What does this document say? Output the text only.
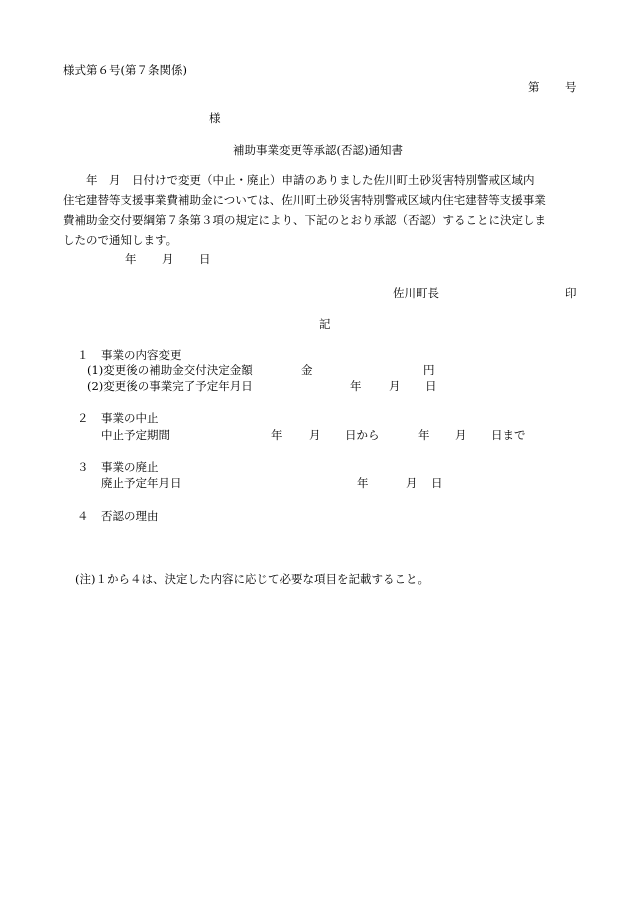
様式第６号(第７条関係)
第 号
様
補助事業変更等承認(否認)通知書
　　年　月　日付けで変更（中止・廃止）申請のありました佐川町土砂災害特別警戒区域内
住宅建替等支援事業費補助金については、佐川町土砂災害特別警戒区域内住宅建替等支援事業
費補助金交付要綱第７条第３項の規定により、下記のとおり承認（否認）することに決定しま
したので通知します。
年 月 日
佐川町長	印
記
１ 事業の内容変更
(1)変更後の補助金交付決定金額	金	円
(2)変更後の事業完了予定年月日	年 月 日
２ 事業の中止
中止予定期間	年 月 日から	年 月 日まで
３ 事業の廃止
廃止予定年月日	年	月 日
４ 否認の理由
(注)１から４は、決定した内容に応じて必要な項目を記載すること。
